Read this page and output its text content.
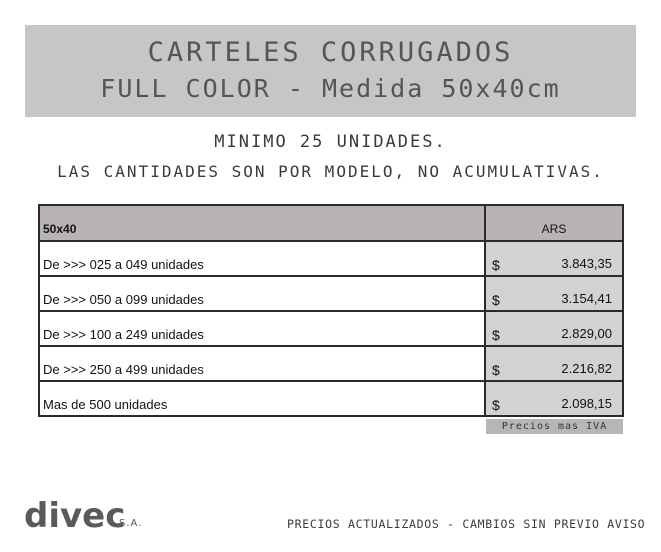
CARTELES CORRUGADOS
FULL COLOR - Medida 50x40cm
MINIMO 25 UNIDADES.
LAS CANTIDADES SON POR MODELO, NO ACUMULATIVAS.
50x40	ARS
De >>> 025 a 049 unidades	$ 3.843,35

De >>> 050 a 099 unidades	$ 3.154,41

De >>> 100 a 249 unidades	$ 2.829,00

De >>> 250 a 499 unidades	$ 2.216,82

Mas de 500 unidades	$ 2.098,15
Precios mas IVA
divec
S.A.	PRECIOS ACTUALIZADOS - CAMBIOS SIN PREVIO AVISO
